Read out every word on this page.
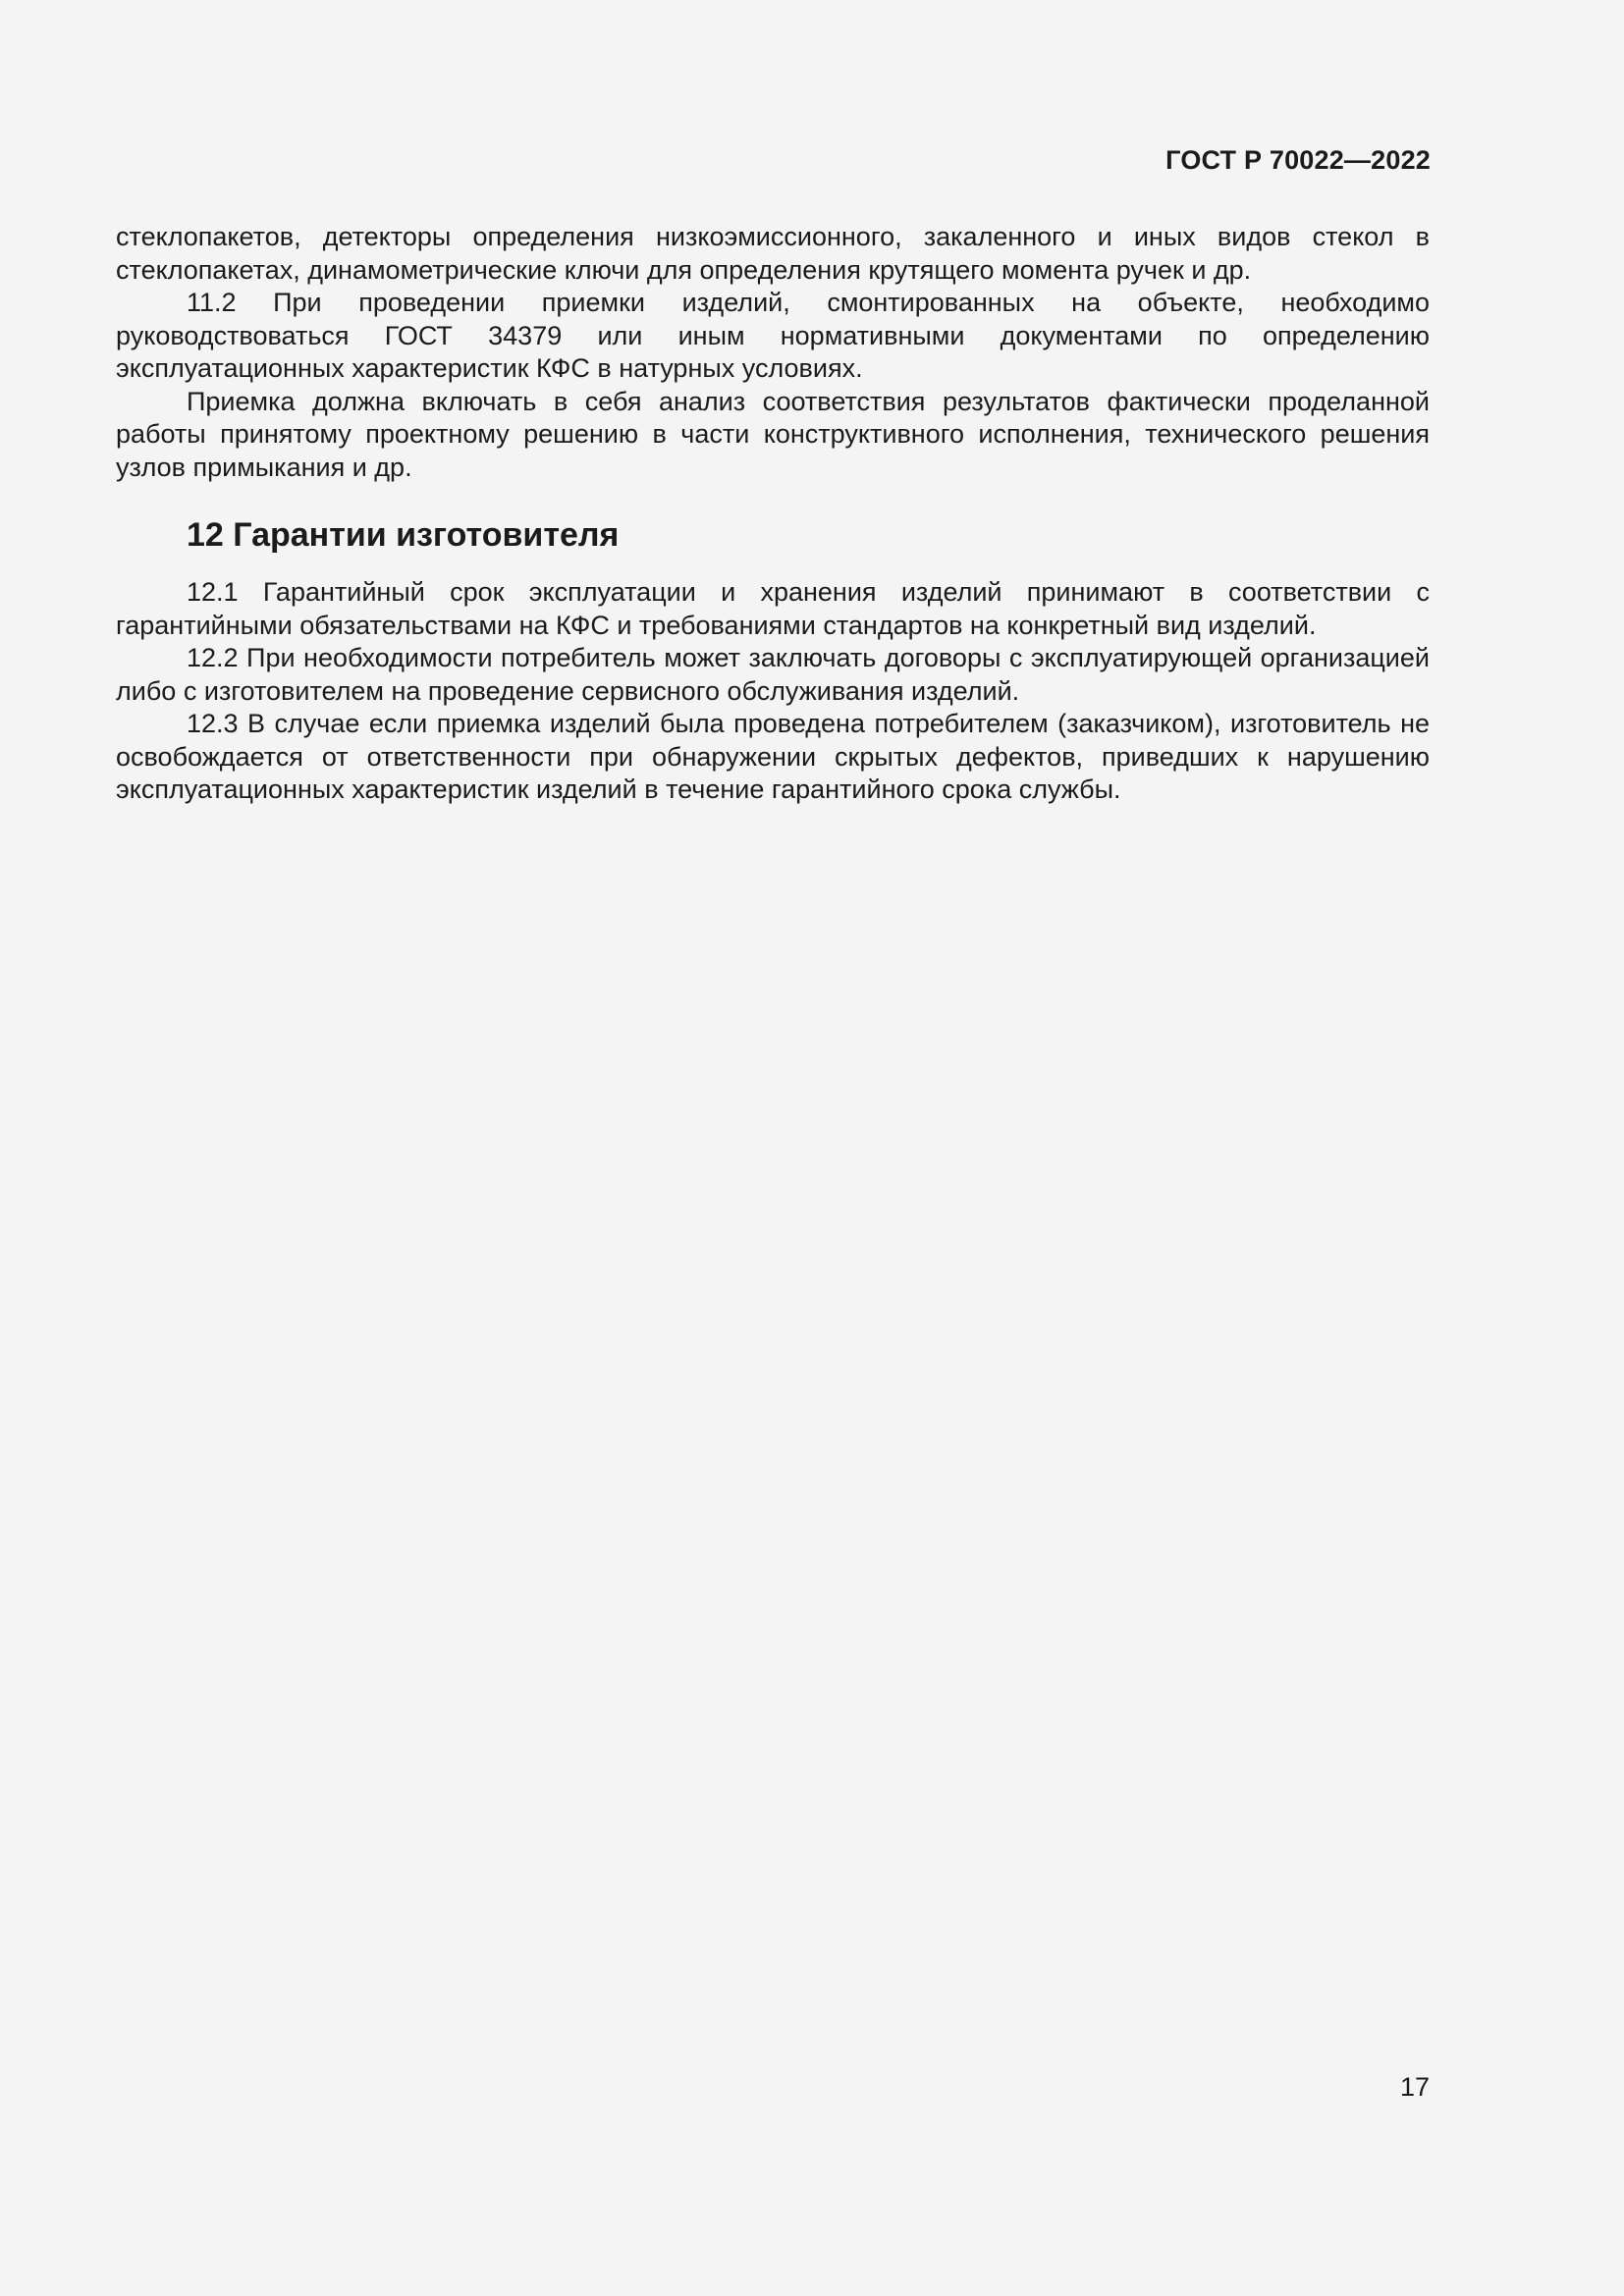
ГОСТ Р 70022—2022

стеклопакетов, детекторы определения низкоэмиссионного, закаленного и иных видов стекол в стеклопакетах, динамометрические ключи для определения крутящего момента ручек и др.

11.2 При проведении приемки изделий, смонтированных на объекте, необходимо руководствоваться ГОСТ 34379 или иным нормативными документами по определению эксплуатационных характеристик КФС в натурных условиях.

Приемка должна включать в себя анализ соответствия результатов фактически проделанной работы принятому проектному решению в части конструктивного исполнения, технического решения узлов примыкания и др.

12 Гарантии изготовителя

12.1 Гарантийный срок эксплуатации и хранения изделий принимают в соответствии с гарантийными обязательствами на КФС и требованиями стандартов на конкретный вид изделий.

12.2 При необходимости потребитель может заключать договоры с эксплуатирующей организацией либо с изготовителем на проведение сервисного обслуживания изделий.

12.3 В случае если приемка изделий была проведена потребителем (заказчиком), изготовитель не освобождается от ответственности при обнаружении скрытых дефектов, приведших к нарушению эксплуатационных характеристик изделий в течение гарантийного срока службы.

17
